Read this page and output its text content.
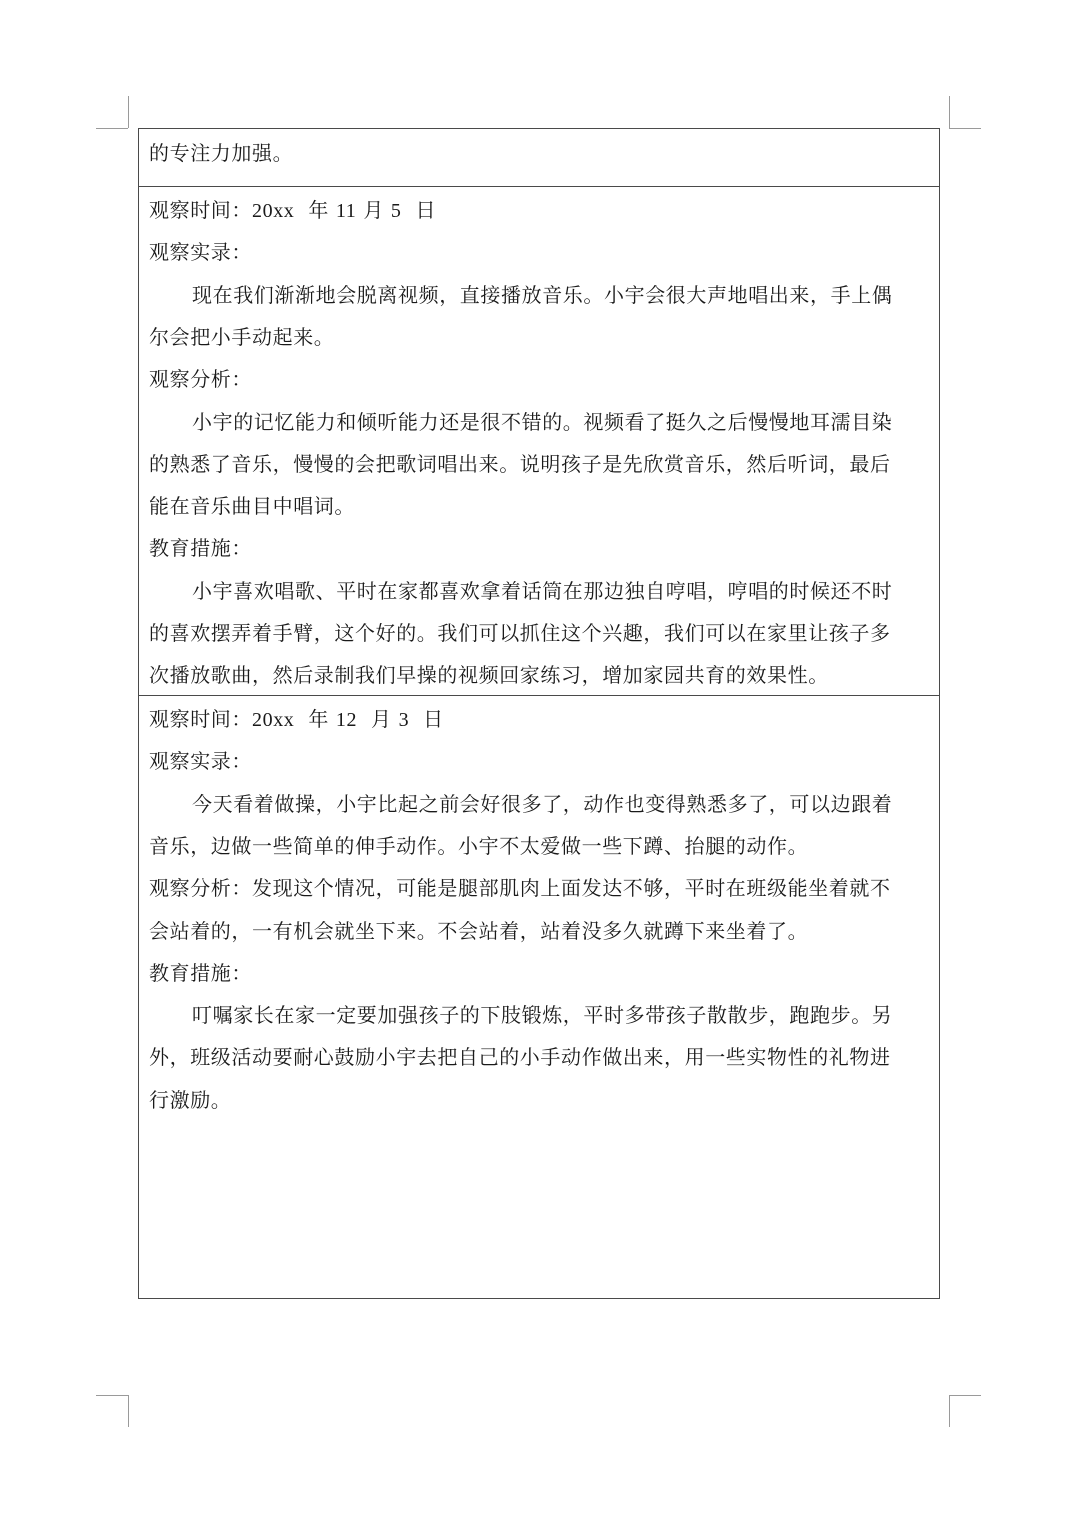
的专注力加强。
观察时间：20xx 年 11 月 5 日
观察实录：
现在我们渐渐地会脱离视频，直接播放音乐。小宇会很大声地唱出来，手上偶
尔会把小手动起来。
观察分析：
小宇的记忆能力和倾听能力还是很不错的。视频看了挺久之后慢慢地耳濡目染
的熟悉了音乐，慢慢的会把歌词唱出来。说明孩子是先欣赏音乐，然后听词，最后
能在音乐曲目中唱词。
教育措施：
小宇喜欢唱歌、平时在家都喜欢拿着话筒在那边独自哼唱，哼唱的时候还不时
的喜欢摆弄着手臂，这个好的。我们可以抓住这个兴趣，我们可以在家里让孩子多
次播放歌曲，然后录制我们早操的视频回家练习，增加家园共育的效果性。
观察时间：20xx 年 12 月 3 日
观察实录：
今天看着做操，小宇比起之前会好很多了，动作也变得熟悉多了，可以边跟着
音乐，边做一些简单的伸手动作。小宇不太爱做一些下蹲、抬腿的动作。
观察分析：发现这个情况，可能是腿部肌肉上面发达不够，平时在班级能坐着就不
会站着的，一有机会就坐下来。不会站着，站着没多久就蹲下来坐着了。
教育措施：
叮嘱家长在家一定要加强孩子的下肢锻炼，平时多带孩子散散步，跑跑步。另
外，班级活动要耐心鼓励小宇去把自己的小手动作做出来，用一些实物性的礼物进
行激励。
